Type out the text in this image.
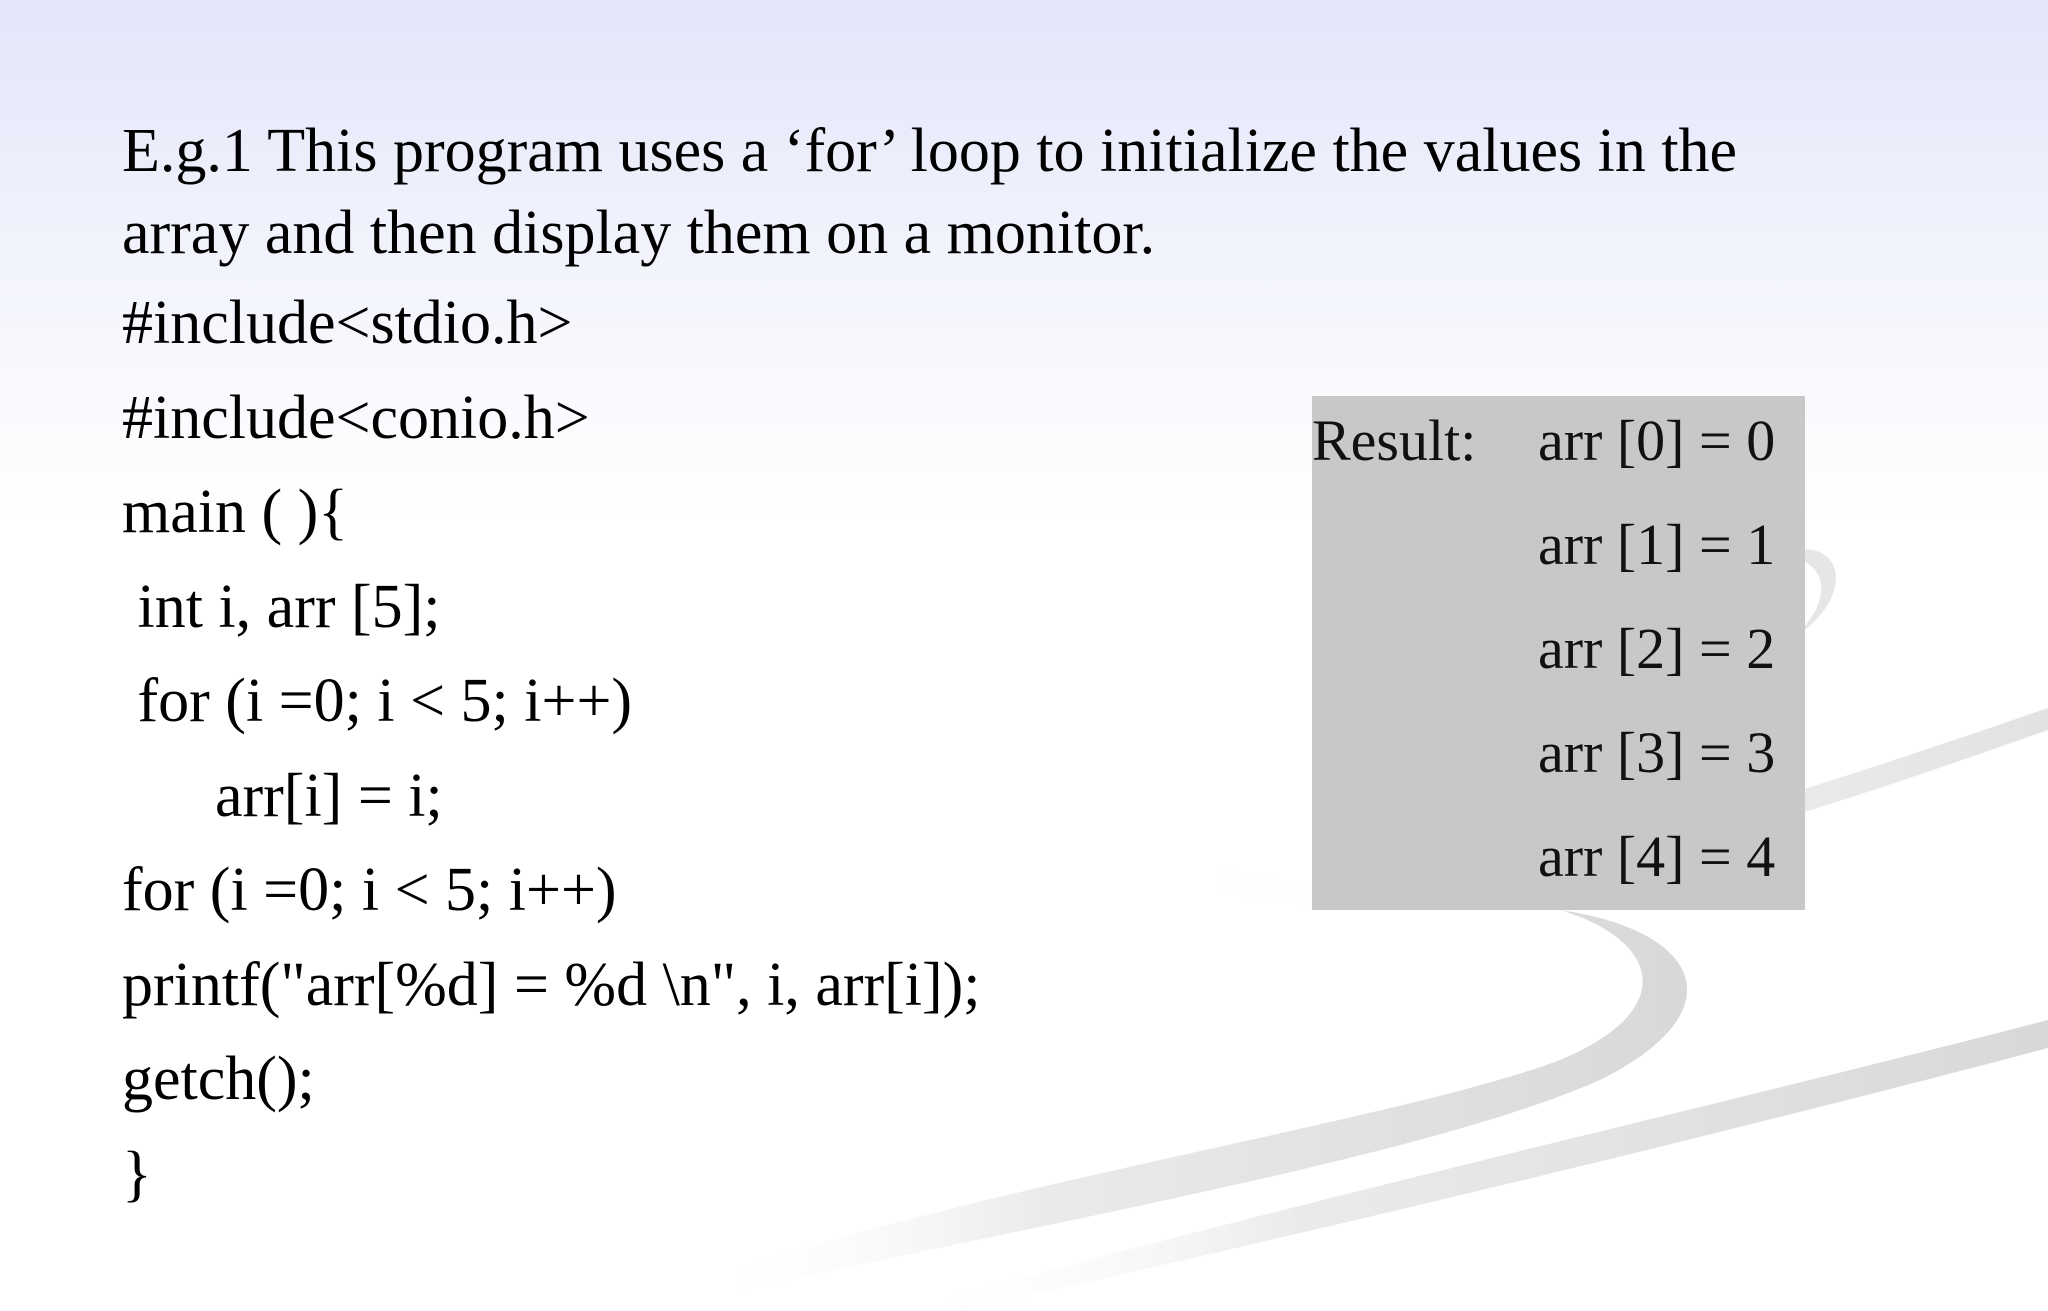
E.g.1 This program uses a ‘for’ loop to initialize the values in the
array and then display them on a monitor.

#include<stdio.h>
#include<conio.h>
main ( ){
int i, arr [5];
for (i =0; i < 5; i++)
arr[i] = i;
for (i =0; i < 5; i++)
printf("arr[%d] = %d \n", i, arr[i]);
getch();
}
Result: arr [0] = 0
arr [1] = 1
arr [2] = 2
arr [3] = 3
arr [4] = 4
